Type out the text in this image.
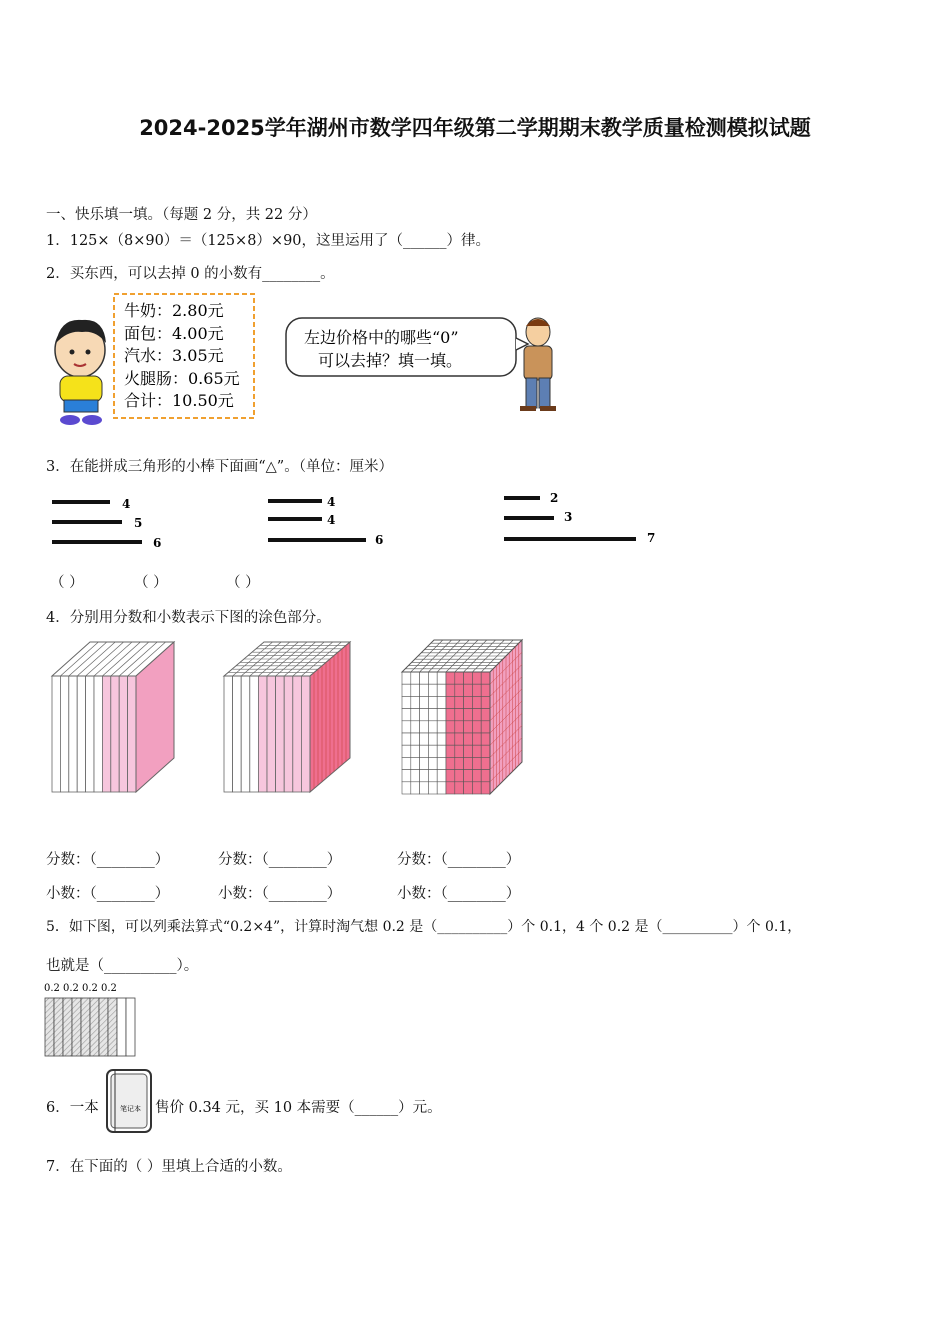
2024-2025学年湖州市数学四年级第二学期期末教学质量检测模拟试题
一、快乐填一填。（每题 2 分，共 22 分）
1．125×（8×90）＝（125×8）×90，这里运用了（______）律。
2．买东西，可以去掉 0 的小数有________。
牛奶：2.80元
面包：4.00元
汽水：3.05元
火腿肠：0.65元
合计：10.50元
左边价格中的哪些“0”
可以去掉？填一填。
3．在能拼成三角形的小棒下面画“△”。（单位：厘米）
4
5
6
4
4
6
2
3
7
（ ）	（ ）	（ ）
4．分别用分数和小数表示下图的涂色部分。
分数：（________）	分数：（________）	分数：（________）
小数：（________）	小数：（________）	小数：（________）
5．如下图，可以列乘法算式“0.2×4”，计算时淘气想 0.2 是（__________）个 0.1，4 个 0.2 是（__________）个 0.1，
也就是（__________）。
0.2 0.2 0.2 0.2
6．一本	笔记本 售价 0.34 元，买 10 本需要（______）元。
7．在下面的（ ）里填上合适的小数。
